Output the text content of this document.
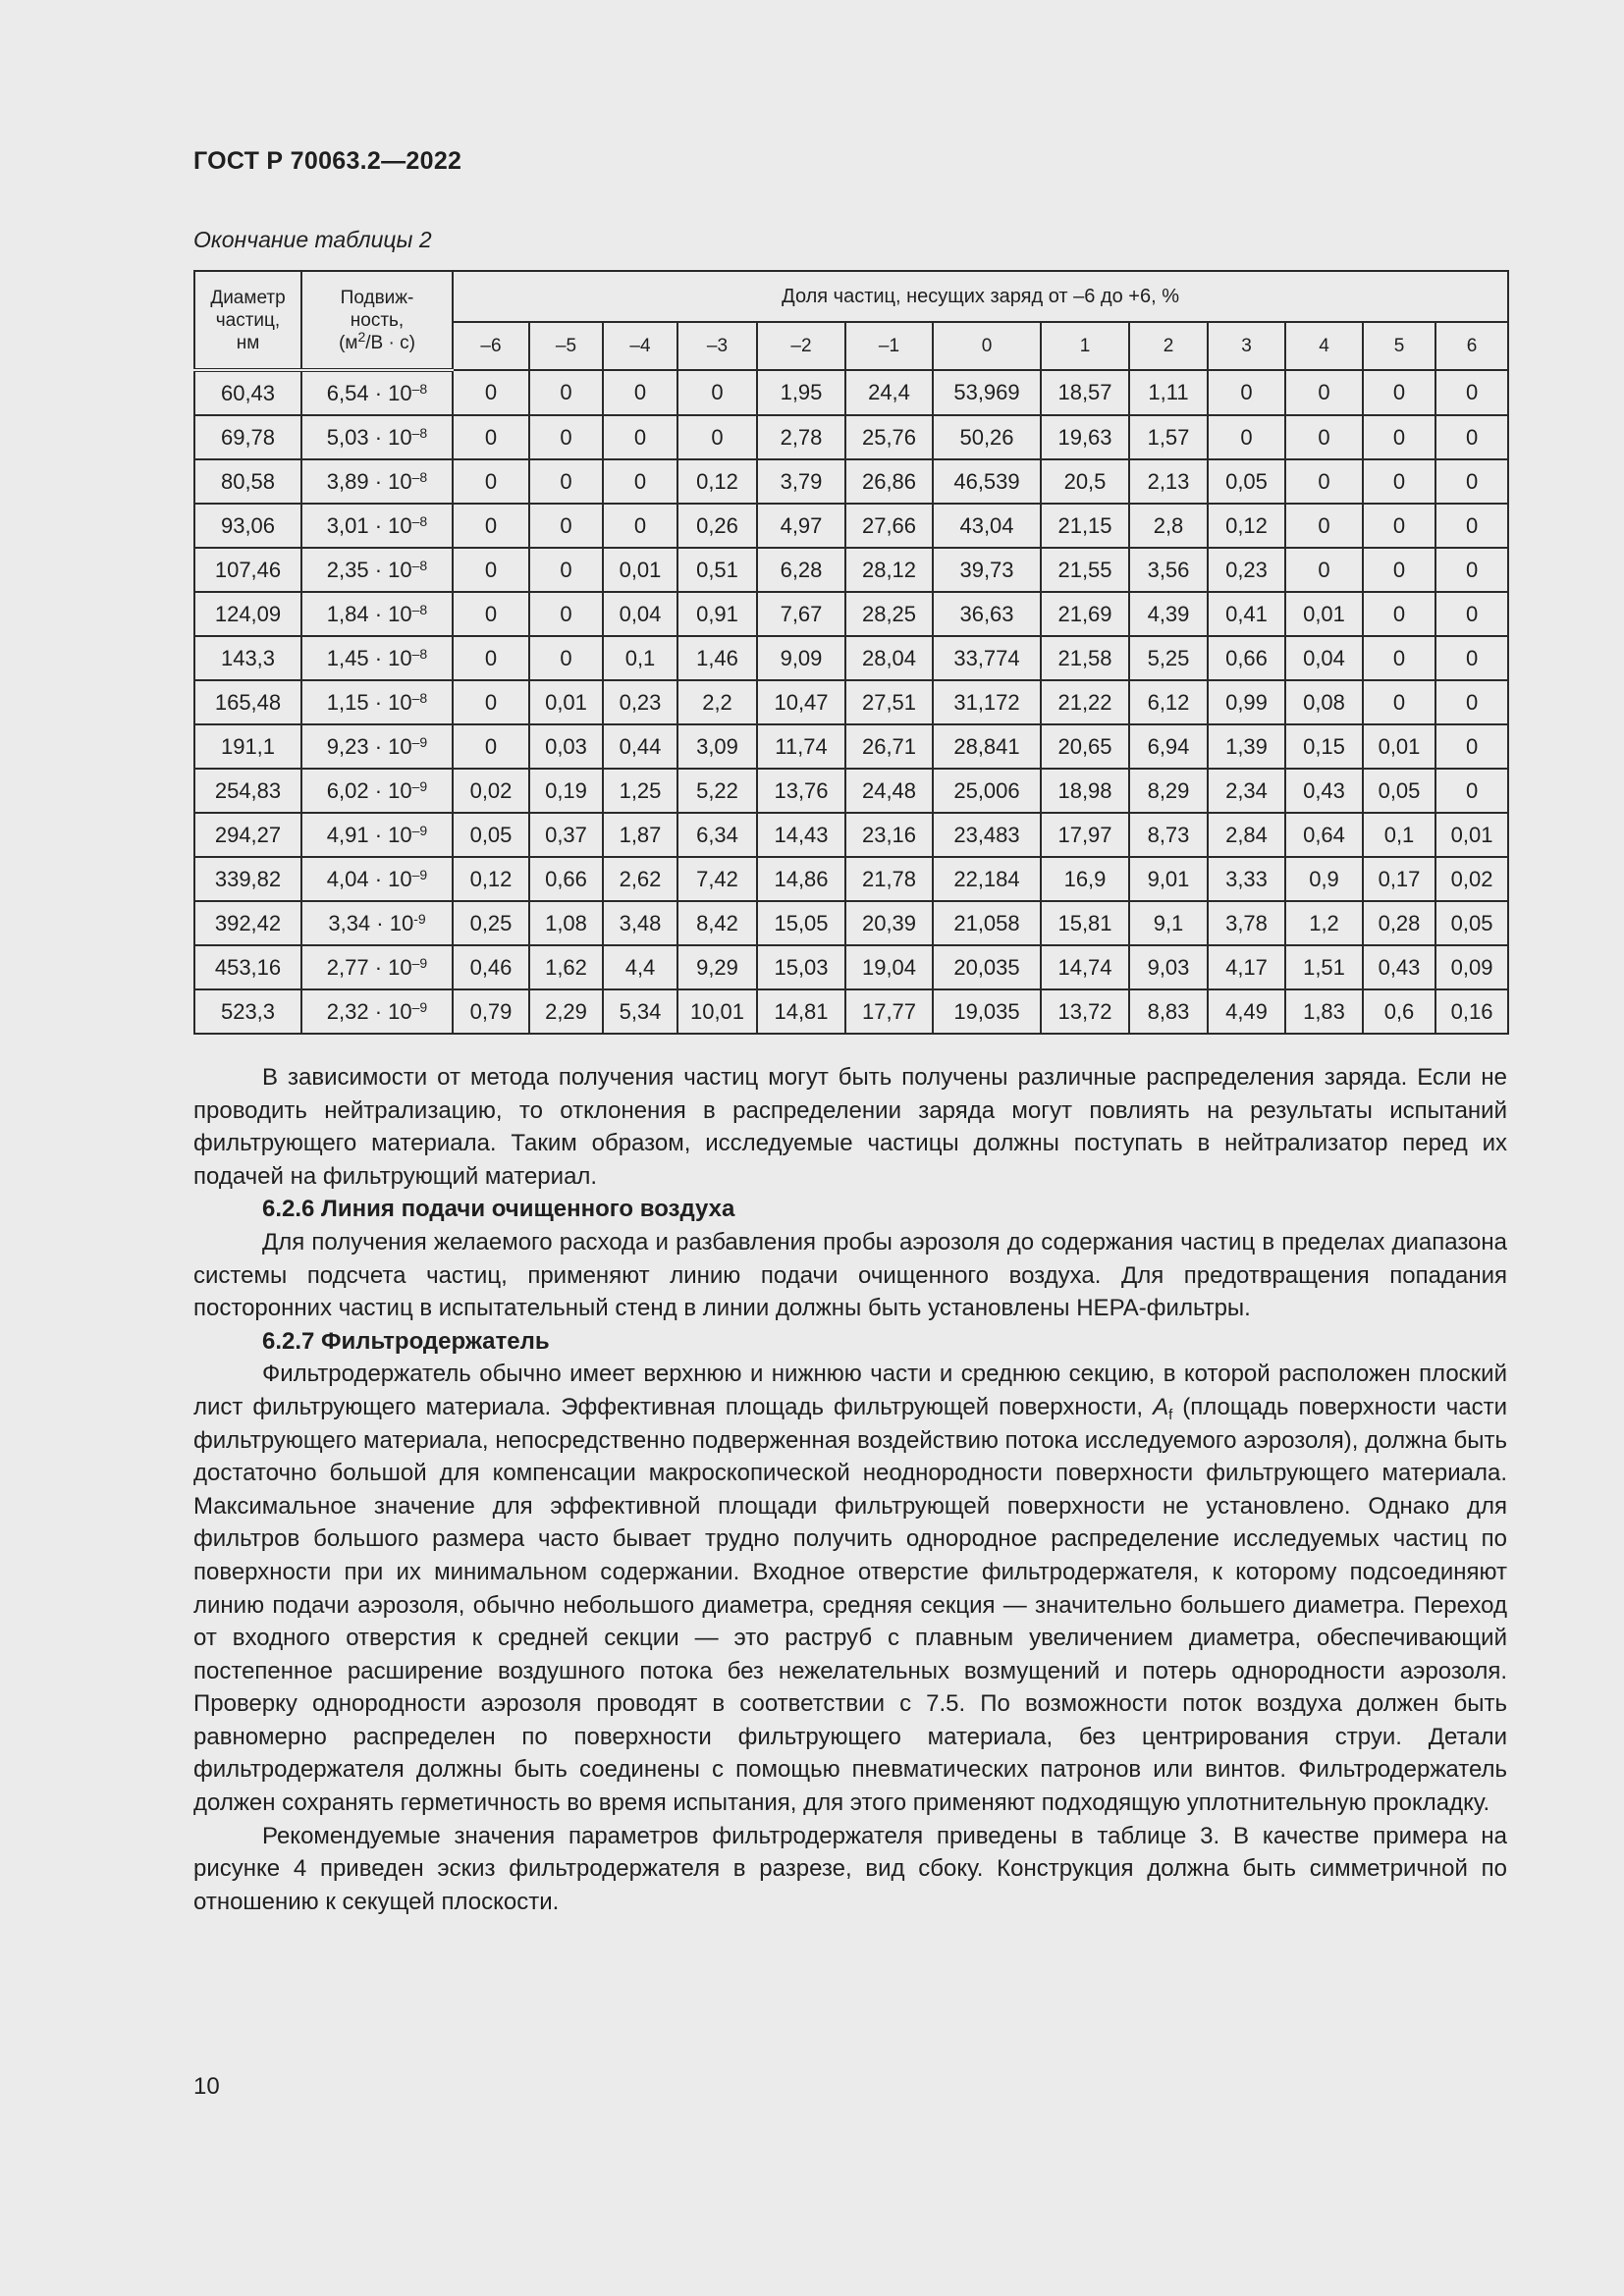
ГОСТ Р 70063.2—2022
Окончание таблицы 2
Диаметр
частиц,
нм	Подвиж-
ность,
$(м^2/В \cdot с)$	Доля частиц, несущих заряд от –6 до +6, %												
		–6	–5	–4	–3	–2	–1	0	1	2	3	4	5	6
60,43	$6,54 \cdot 10^{-8}$	0	0	0	0	1,95	24,4	53,969	18,57	1,11	0	0	0	0
69,78	$5,03 \cdot 10^{-8}$	0	0	0	0	2,78	25,76	50,26	19,63	1,57	0	0	0	0
80,58	$3,89 \cdot 10^{-8}$	0	0	0	0,12	3,79	26,86	46,539	20,5	2,13	0,05	0	0	0
93,06	$3,01 \cdot 10^{-8}$	0	0	0	0,26	4,97	27,66	43,04	21,15	2,8	0,12	0	0	0
107,46	$2,35 \cdot 10^{-8}$	0	0	0,01	0,51	6,28	28,12	39,73	21,55	3,56	0,23	0	0	0
124,09	$1,84 \cdot 10^{-8}$	0	0	0,04	0,91	7,67	28,25	36,63	21,69	4,39	0,41	0,01	0	0
143,3	$1,45 \cdot 10^{-8}$	0	0	0,1	1,46	9,09	28,04	33,774	21,58	5,25	0,66	0,04	0	0
165,48	$1,15 \cdot 10^{-8}$	0	0,01	0,23	2,2	10,47	27,51	31,172	21,22	6,12	0,99	0,08	0	0
191,1	$9,23 \cdot 10^{-9}$	0	0,03	0,44	3,09	11,74	26,71	28,841	20,65	6,94	1,39	0,15	0,01	0
254,83	$6,02 \cdot 10^{-9}$	0,02	0,19	1,25	5,22	13,76	24,48	25,006	18,98	8,29	2,34	0,43	0,05	0
294,27	$4,91 \cdot 10^{-9}$	0,05	0,37	1,87	6,34	14,43	23,16	23,483	17,97	8,73	2,84	0,64	0,1	0,01
339,82	$4,04 \cdot 10^{-9}$	0,12	0,66	2,62	7,42	14,86	21,78	22,184	16,9	9,01	3,33	0,9	0,17	0,02
392,42	$3,34 \cdot 10^{-9}$	0,25	1,08	3,48	8,42	15,05	20,39	21,058	15,81	9,1	3,78	1,2	0,28	0,05
453,16	$2,77 \cdot 10^{-9}$	0,46	1,62	4,4	9,29	15,03	19,04	20,035	14,74	9,03	4,17	1,51	0,43	0,09
523,3	$2,32 \cdot 10^{-9}$	0,79	2,29	5,34	10,01	14,81	17,77	19,035	13,72	8,83	4,49	1,83	0,6	0,16

В зависимости от метода получения частиц могут быть получены различные распределения заряда. Если не проводить нейтрализацию, то отклонения в распределении заряда могут повлиять на результаты испытаний фильтрующего материала. Таким образом, исследуемые частицы должны поступать в нейтрализатор перед их подачей на фильтрующий материал.

6.2.6 Линия подачи очищенного воздуха

Для получения желаемого расхода и разбавления пробы аэрозоля до содержания частиц в пределах диапазона системы подсчета частиц, применяют линию подачи очищенного воздуха. Для предотвращения попадания посторонних частиц в испытательный стенд в линии должны быть установлены HEPA-фильтры.

6.2.7 Фильтродержатель

Фильтродержатель обычно имеет верхнюю и нижнюю части и среднюю секцию, в которой расположен плоский лист фильтрующего материала. Эффективная площадь фильтрующей поверхности, $A_f$ (площадь поверхности части фильтрующего материала, непосредственно подверженная воздействию потока исследуемого аэрозоля), должна быть достаточно большой для компенсации макроскопической неоднородности поверхности фильтрующего материала. Максимальное значение для эффективной площади фильтрующей поверхности не установлено. Однако для фильтров большого размера часто бывает трудно получить однородное распределение исследуемых частиц по поверхности при их минимальном содержании. Входное отверстие фильтродержателя, к которому подсоединяют линию подачи аэрозоля, обычно небольшого диаметра, средняя секция — значительно большего диаметра. Переход от входного отверстия к средней секции — это раструб с плавным увеличением диаметра, обеспечивающий постепенное расширение воздушного потока без нежелательных возмущений и потерь однородности аэрозоля. Проверку однородности аэрозоля проводят в соответствии с 7.5. По возможности поток воздуха должен быть равномерно распределен по поверхности фильтрующего материала, без центрирования струи. Детали фильтродержателя должны быть соединены с помощью пневматических патронов или винтов. Фильтродержатель должен сохранять герметичность во время испытания, для этого применяют подходящую уплотнительную прокладку.

Рекомендуемые значения параметров фильтродержателя приведены в таблице 3. В качестве примера на рисунке 4 приведен эскиз фильтродержателя в разрезе, вид сбоку. Конструкция должна быть симметричной по отношению к секущей плоскости.

10
